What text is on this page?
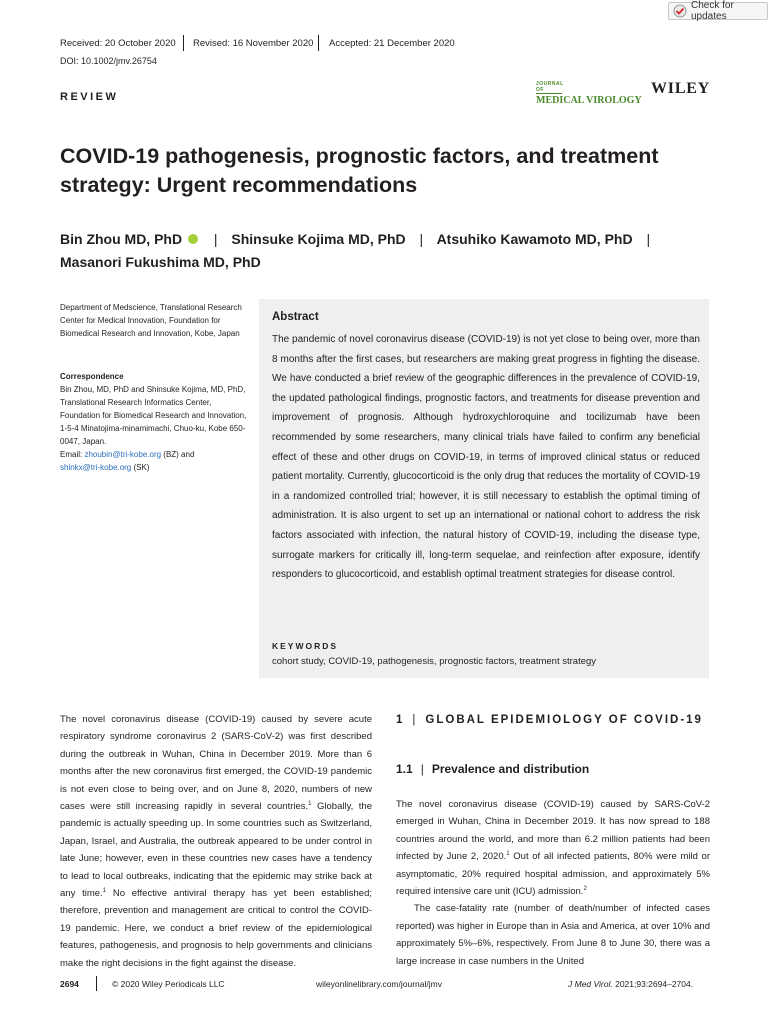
Check for updates
Received: 20 October 2020 Revised: 16 November 2020 Accepted: 21 December 2020
DOI: 10.1002/jmv.26754
REVIEW
JOURNAL OF
MEDICAL VIROLOGY
WILEY
COVID-19 pathogenesis, prognostic factors, and treatment strategy: Urgent recommendations
Bin Zhou MD, PhD | Shinsuke Kojima MD, PhD | Atsuhiko Kawamoto MD, PhD |
Masanori Fukushima MD, PhD
Department of Medscience, Translational Research Center for Medical Innovation, Foundation for Biomedical Research and Innovation, Kobe, Japan
Correspondence
Bin Zhou, MD, PhD and Shinsuke Kojima, MD, PhD, Translational Research Informatics Center, Foundation for Biomedical Research and Innovation, 1-5-4 Minatojima-minamimachi, Chuo-ku, Kobe 650-0047, Japan.
Email: zhoubin@tri-kobe.org (BZ) and
shinkx@tri-kobe.org (SK)
Abstract
The pandemic of novel coronavirus disease (COVID-19) is not yet close to being over, more than 8 months after the first cases, but researchers are making great progress in fighting the disease. We have conducted a brief review of the geographic differences in the prevalence of COVID-19, the updated pathological findings, prognostic factors, and treatments for disease prevention and improvement of prognosis. Although hydroxychloroquine and tocilizumab have been recommended by some researchers, many clinical trials have failed to confirm any beneficial effect of these and other drugs on COVID-19, in terms of improved clinical status or reduced patient mortality. Currently, glucocorticoid is the only drug that reduces the mortality of COVID-19 in a randomized controlled trial; however, it is still necessary to establish the optimal timing of administration. It is also urgent to set up an international or national cohort to address the risk factors associated with infection, the natural history of COVID-19, including the disease type, surrogate markers for critically ill, long-term sequelae, and reinfection after exposure, identify responders to glucocorticoid, and establish optimal treatment strategies for disease control.
KEYWORDS
cohort study, COVID-19, pathogenesis, prognostic factors, treatment strategy

The novel coronavirus disease (COVID-19) caused by severe acute respiratory syndrome coronavirus 2 (SARS-CoV-2) was first described during the outbreak in Wuhan, China in December 2019. More than 6 months after the new coronavirus first emerged, the COVID-19 pandemic is not even close to being over, and on June 8, 2020, numbers of new cases were still increasing rapidly in several countries.$^1$ Globally, the pandemic is actually speeding up. In some countries such as Switzerland, Japan, Israel, and Australia, the outbreak appeared to be under control in late June; however, even in these countries new cases have a tendency to lead to local outbreaks, indicating that the epidemic may strike back at any time.$^1$ No effective antiviral therapy has yet been established; therefore, prevention and management are critical to control the COVID-19 pandemic. Here, we conduct a brief review of the epidemiological features, pathogenesis, and prognosis to help governments and clinicians make the right decisions in the fight against the disease.

1 | GLOBAL EPIDEMIOLOGY OF COVID-19
1.1 | Prevalence and distribution

The novel coronavirus disease (COVID-19) caused by SARS-CoV-2 emerged in Wuhan, China in December 2019. It has now spread to 188 countries around the world, and more than 6.2 million patients had been infected by June 2, 2020.$^1$ Out of all infected patients, 80% were mild or asymptomatic, 20% required hospital admission, and approximately 5% required intensive care unit (ICU) admission.$^2$

The case-fatality rate (number of death/number of infected cases reported) was higher in Europe than in Asia and America, at over 10% and approximately 5%–6%, respectively. From June 8 to June 30, there was a large increase in case numbers in the United

2694	© 2020 Wiley Periodicals LLC	wileyonlinelibrary.com/journal/jmv	J Med Virol. 2021;93:2694–2704.
